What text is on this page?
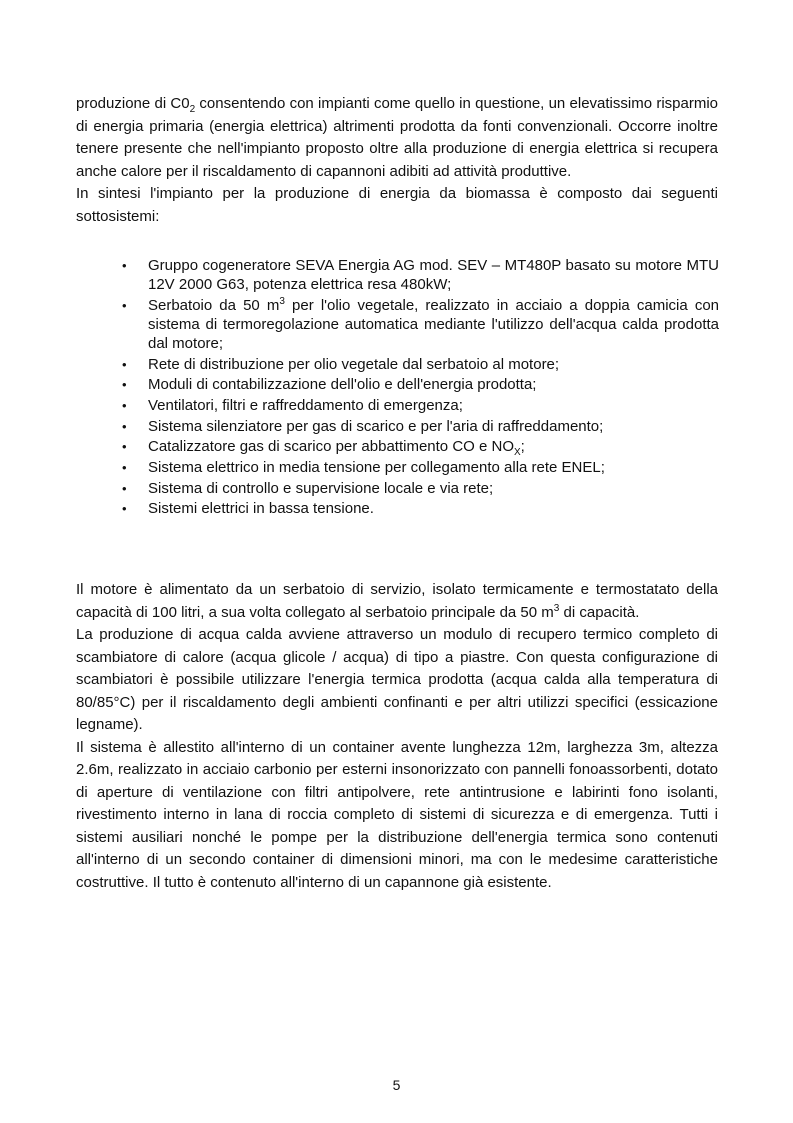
produzione di $C0_2$ consentendo con impianti come quello in questione, un elevatissimo risparmio di energia primaria (energia elettrica) altrimenti prodotta da fonti convenzionali. Occorre inoltre tenere presente che nell'impianto proposto oltre alla produzione di energia elettrica si recupera anche calore per il riscaldamento di capannoni adibiti ad attività produttive.

In sintesi l'impianto per la produzione di energia da biomassa è composto dai seguenti sottosistemi:

• Gruppo cogeneratore SEVA Energia AG mod. SEV – MT480P basato su motore MTU 12V 2000 G63, potenza elettrica resa 480kW;
• Serbatoio da 50 $m^3$ per l'olio vegetale, realizzato in acciaio a doppia camicia con sistema di termoregolazione automatica mediante l'utilizzo dell'acqua calda prodotta dal motore;
• Rete di distribuzione per olio vegetale dal serbatoio al motore;
• Moduli di contabilizzazione dell'olio e dell'energia prodotta;
• Ventilatori, filtri e raffreddamento di emergenza;
• Sistema silenziatore per gas di scarico e per l'aria di raffreddamento;
• Catalizzatore gas di scarico per abbattimento CO e $NO_X$;
• Sistema elettrico in media tensione per collegamento alla rete ENEL;
• Sistema di controllo e supervisione locale e via rete;
• Sistemi elettrici in bassa tensione.

Il motore è alimentato da un serbatoio di servizio, isolato termicamente e termostatato della capacità di 100 litri, a sua volta collegato al serbatoio principale da 50 $m^3$ di capacità.

La produzione di acqua calda avviene attraverso un modulo di recupero termico completo di scambiatore di calore (acqua glicole / acqua) di tipo a piastre. Con questa configurazione di scambiatori è possibile utilizzare l'energia termica prodotta (acqua calda alla temperatura di 80/85°C) per il riscaldamento degli ambienti confinanti e per altri utilizzi specifici (essicazione legname).

Il sistema è allestito all'interno di un container avente lunghezza 12m, larghezza 3m, altezza 2.6m, realizzato in acciaio carbonio per esterni insonorizzato con pannelli fonoassorbenti, dotato di aperture di ventilazione con filtri antipolvere, rete antintrusione e labirinti fono isolanti, rivestimento interno in lana di roccia completo di sistemi di sicurezza e di emergenza. Tutti i sistemi ausiliari nonché le pompe per la distribuzione dell'energia termica sono contenuti all'interno di un secondo container di dimensioni minori, ma con le medesime caratteristiche costruttive. Il tutto è contenuto all'interno di un capannone già esistente.

5
